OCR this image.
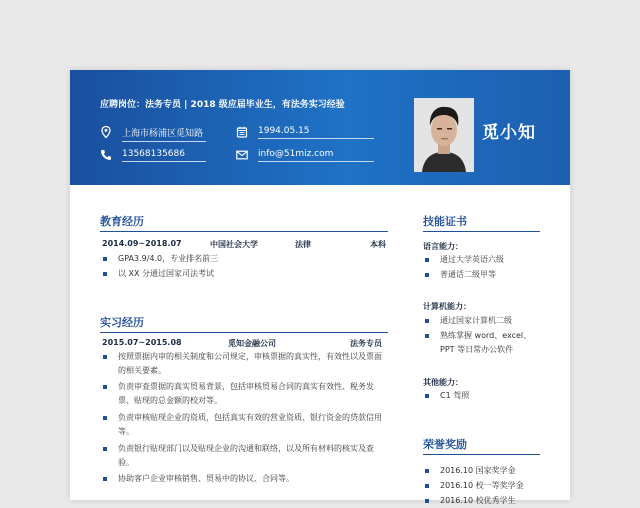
应聘岗位：法务专员 | 2018 级应届毕业生，有法务实习经验
上海市杨浦区觅知路
13568135686
1994.05.15
info@51miz.com
觅小知
教育经历
2014.09~2018.07	中国社会大学	法律	本科
GPA3.9/4.0，专业排名前三
以 XX 分通过国家司法考试
实习经历
2015.07~2015.08	觅知金融公司	法务专员
按照票据内审的相关制度和公司规定，审核票据的真实性，有效性以及票面的相关要素。
负责审查票据的真实贸易背景，包括审核贸易合同的真实有效性、税务发票、贴现的总金额的校对等。
负责审核贴现企业的资质，包括真实有效的营业资质、银行资金的贷款信用等。
负责银行贴现部门以及贴现企业的沟通和联络，以及所有材料的核实及查验。
协助客户企业审核销售、贸易中的协议、合同等。
技能证书
语言能力：
通过大学英语六级
普通话二级甲等
计算机能力：
通过国家计算机二级
熟练掌握 word、excel、PPT 等日常办公软件
其他能力：
C1 驾照
荣誉奖励
2016.10 国家奖学金
2016.10 校一等奖学金
2016.10 校优秀学生
